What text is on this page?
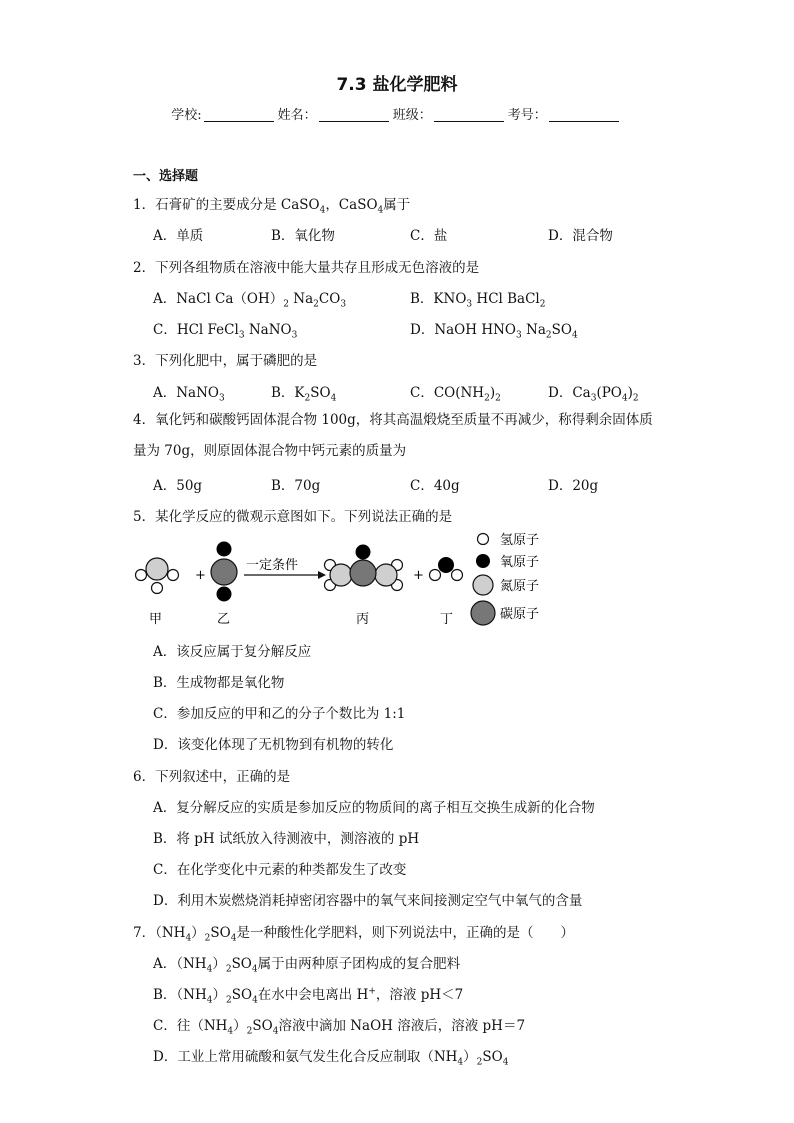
7.3 盐化学肥料
学校:	姓名：	班级：	考号：
一、选择题
1．石膏矿的主要成分是 CaSO$_4$，CaSO$_4$属于
A．单质	B．氧化物	C．盐	D．混合物
2．下列各组物质在溶液中能大量共存且形成无色溶液的是
A．NaCl $Ca(OH)_2$ $Na_2CO_3$	B．$KNO_3$ HCl BaCl$_2$
C．HCl FeCl$_3$ NaNO$_3$	D．NaOH $HNO_3$ $Na_2SO_4$
3．下列化肥中，属于磷肥的是
A．NaNO$_3$	B．$K_2SO_4$	C．$CO(NH_2)_2$	D．$Ca_3(PO_4)_2$
4．氧化钙和碳酸钙固体混合物 100g，将其高温煅烧至质量不再减少，称得剩余固体质量为 70g，则原固体混合物中钙元素的质量为
A．50g	B．70g	C．40g	D．20g
5．某化学反应的微观示意图如下。下列说法正确的是
+
一定条件
+
甲	乙	丙	丁
氢原子
氧原子
氮原子
碳原子
A．该反应属于复分解反应
B．生成物都是氧化物
C．参加反应的甲和乙的分子个数比为 1:1
D．该变化体现了无机物到有机物的转化
6．下列叙述中，正确的是
A．复分解反应的实质是参加反应的物质间的离子相互交换生成新的化合物
B．将 pH 试纸放入待测液中，测溶液的 pH
C．在化学变化中元素的种类都发生了改变
D．利用木炭燃烧消耗掉密闭容器中的氧气来间接测定空气中氧气的含量
7．$(NH_4)_2SO_4$是一种酸性化学肥料，则下列说法中，正确的是（　　）
A．$(NH_4)_2SO_4$属于由两种原子团构成的复合肥料
B．$(NH_4)_2SO_4$在水中会电离出 H+，溶液 pH＜7
C．往$(NH_4)_2SO_4$溶液中滴加 NaOH 溶液后，溶液 pH＝7
D．工业上常用硫酸和氨气发生化合反应制取$(NH_4)_2SO_4$
